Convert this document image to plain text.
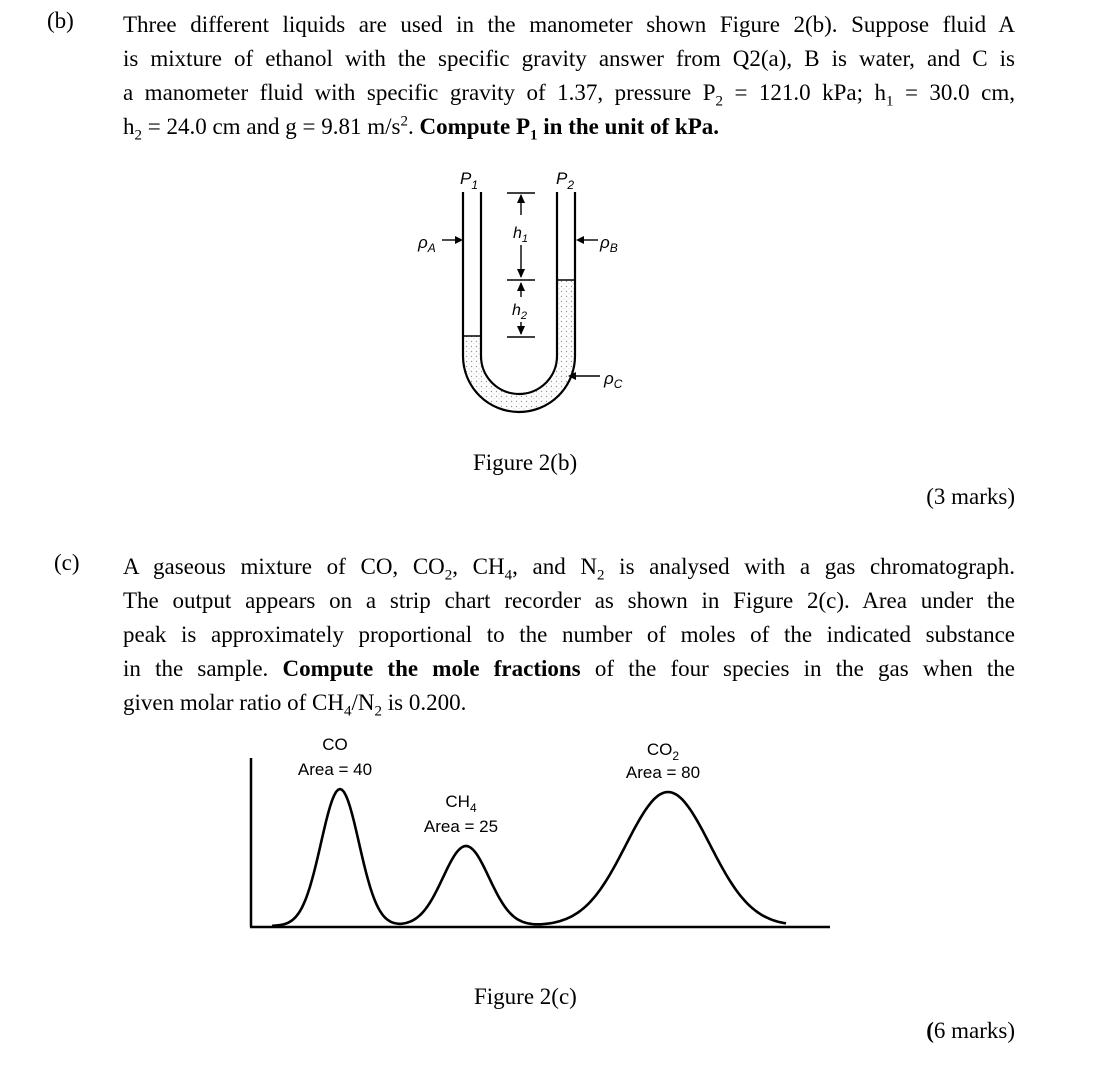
(b) Three different liquids are used in the manometer shown Figure 2(b). Suppose fluid A
is mixture of ethanol with the specific gravity answer from Q2(a), B is water, and C is
a manometer fluid with specific gravity of 1.37, pressure $P_2 = 121.0$ kPa; $h_1 = 30.0$ cm,
$h_2 = 24.0$ cm and g = 9.81 $m/s^2$. Compute $P_1$ in the unit of kPa.
$P_1$	$P_2$
$h_1$
$h_2$
$\rho_A$	$\rho_B$
$\rho_C$
Figure 2(b)
(3 marks)
(c) A gaseous mixture of CO, $CO_2$, $CH_4$, and $N_2$ is analysed with a gas chromatograph.
The output appears on a strip chart recorder as shown in Figure 2(c). Area under the
peak is approximately proportional to the number of moles of the indicated substance
in the sample. Compute the mole fractions of the four species in the gas when the
given molar ratio of $CH_4/N_2$ is 0.200.
CO
Area = 40
$CH_4$
Area = 25
$CO_2$
Area = 80
Figure 2(c)
(6 marks)
